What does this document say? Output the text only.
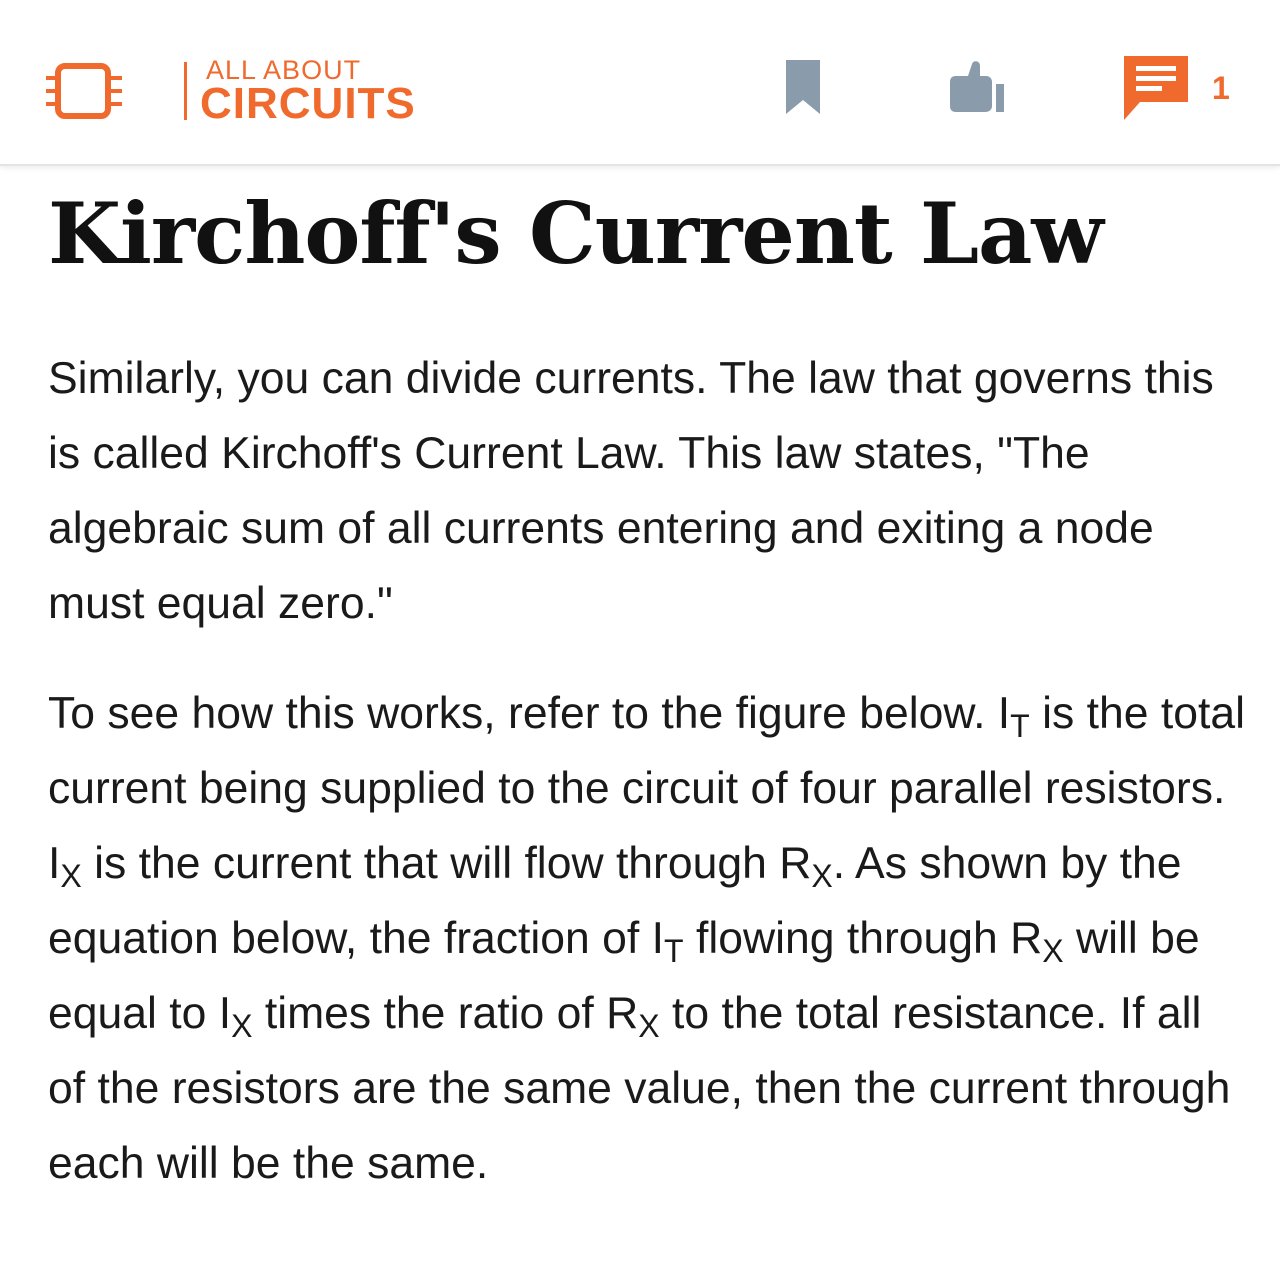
ALL ABOUT
CIRCUITS	1
Kirchoff's Current Law

Similarly, you can divide currents. The law that governs this is called Kirchoff's Current Law. This law states, "The algebraic sum of all currents entering and exiting a node must equal zero."

To see how this works, refer to the figure below. $I_T$ is the total current being supplied to the circuit of four parallel resistors. $I_X$ is the current that will flow through $R_X$. As shown by the equation below, the fraction of $I_T$ flowing through $R_X$ will be equal to $I_X$ times the ratio of $R_X$ to the total resistance. If all of the resistors are the same value, then the current through each will be the same.
